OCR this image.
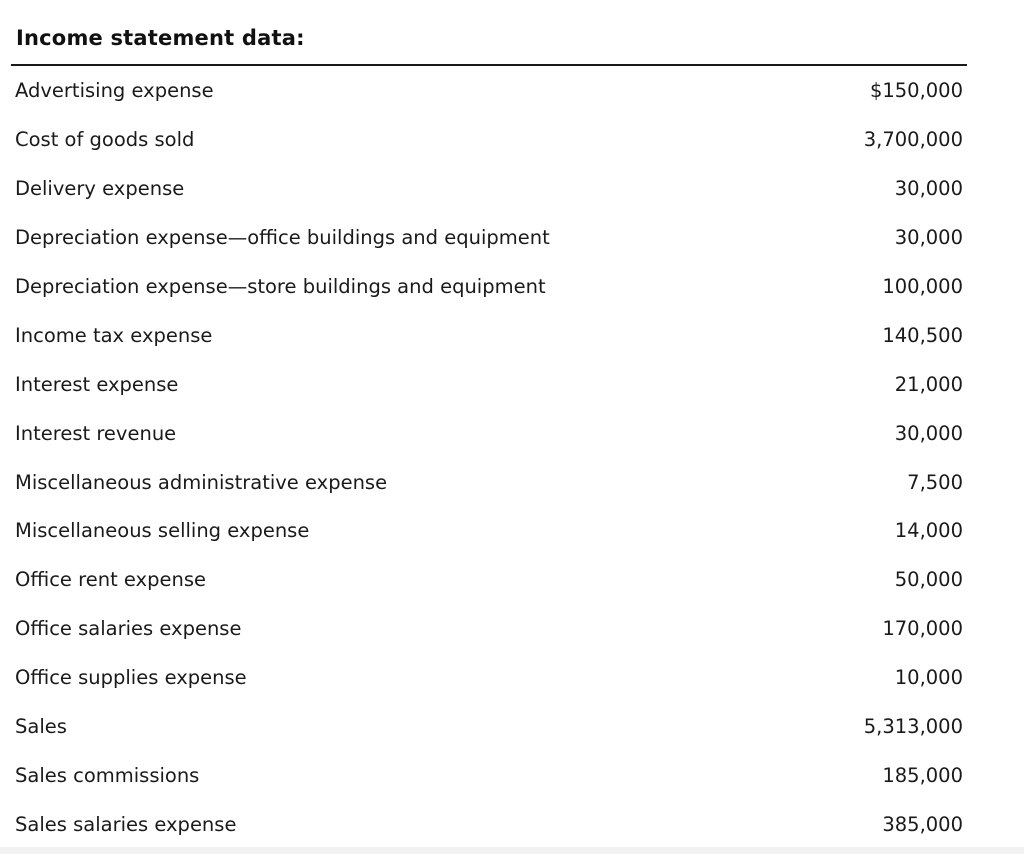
Income statement data:
Advertising expense	$150,000
Cost of goods sold	3,700,000
Delivery expense	30,000
Depreciation expense—office buildings and equipment	30,000
Depreciation expense—store buildings and equipment	100,000
Income tax expense	140,500
Interest expense	21,000
Interest revenue	30,000
Miscellaneous administrative expense	7,500
Miscellaneous selling expense	14,000
Office rent expense	50,000
Office salaries expense	170,000
Office supplies expense	10,000
Sales	5,313,000
Sales commissions	185,000
Sales salaries expense	385,000
